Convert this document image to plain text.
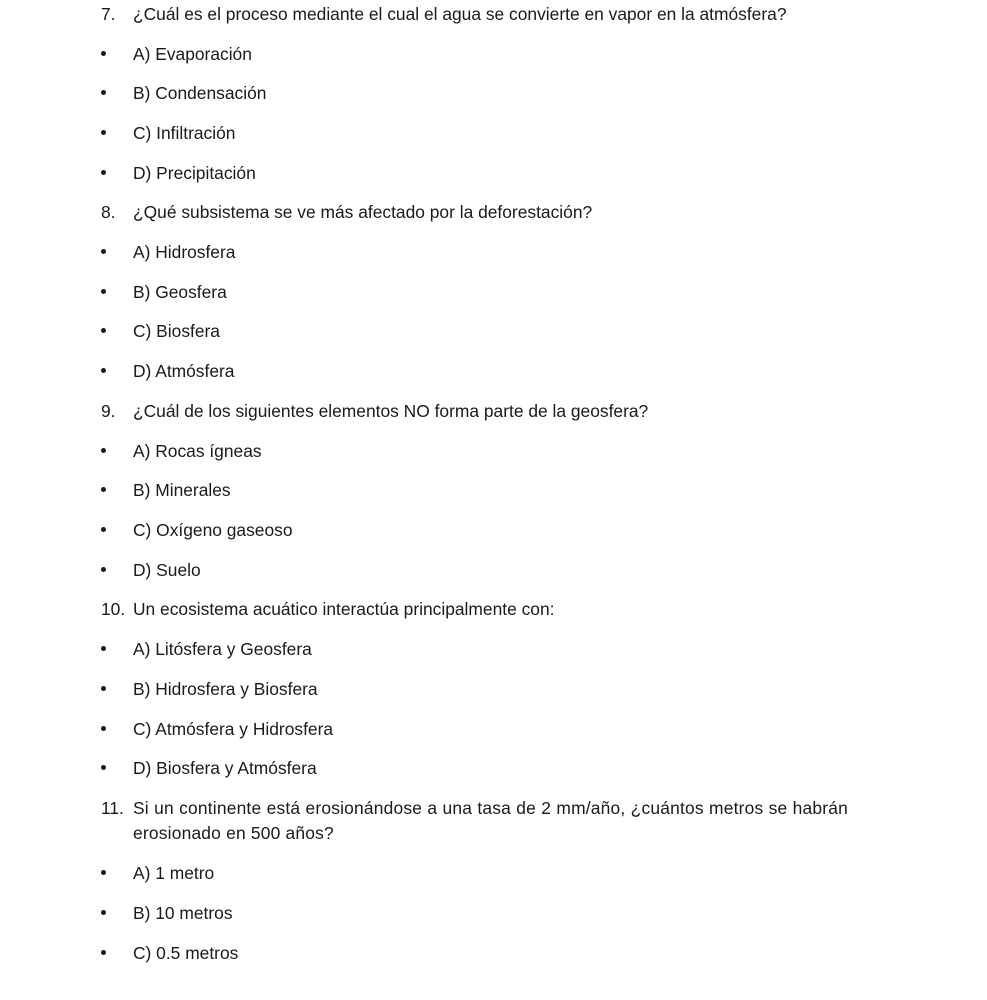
7.	¿Cuál es el proceso mediante el cual el agua se convierte en vapor en la atmósfera?
A) Evaporación
B) Condensación
C) Infiltración
D) Precipitación
8.	¿Qué subsistema se ve más afectado por la deforestación?
A) Hidrosfera
B) Geosfera
C) Biosfera
D) Atmósfera
9.	¿Cuál de los siguientes elementos NO forma parte de la geosfera?
A) Rocas ígneas
B) Minerales
C) Oxígeno gaseoso
D) Suelo
10. Un ecosistema acuático interactúa principalmente con:
A) Litósfera y Geosfera
B) Hidrosfera y Biosfera
C) Atmósfera y Hidrosfera
D) Biosfera y Atmósfera
11. Si un continente está erosionándose a una tasa de 2 mm/año, ¿cuántos metros se habrán erosionado en 500 años?
A) 1 metro
B) 10 metros
C) 0.5 metros
